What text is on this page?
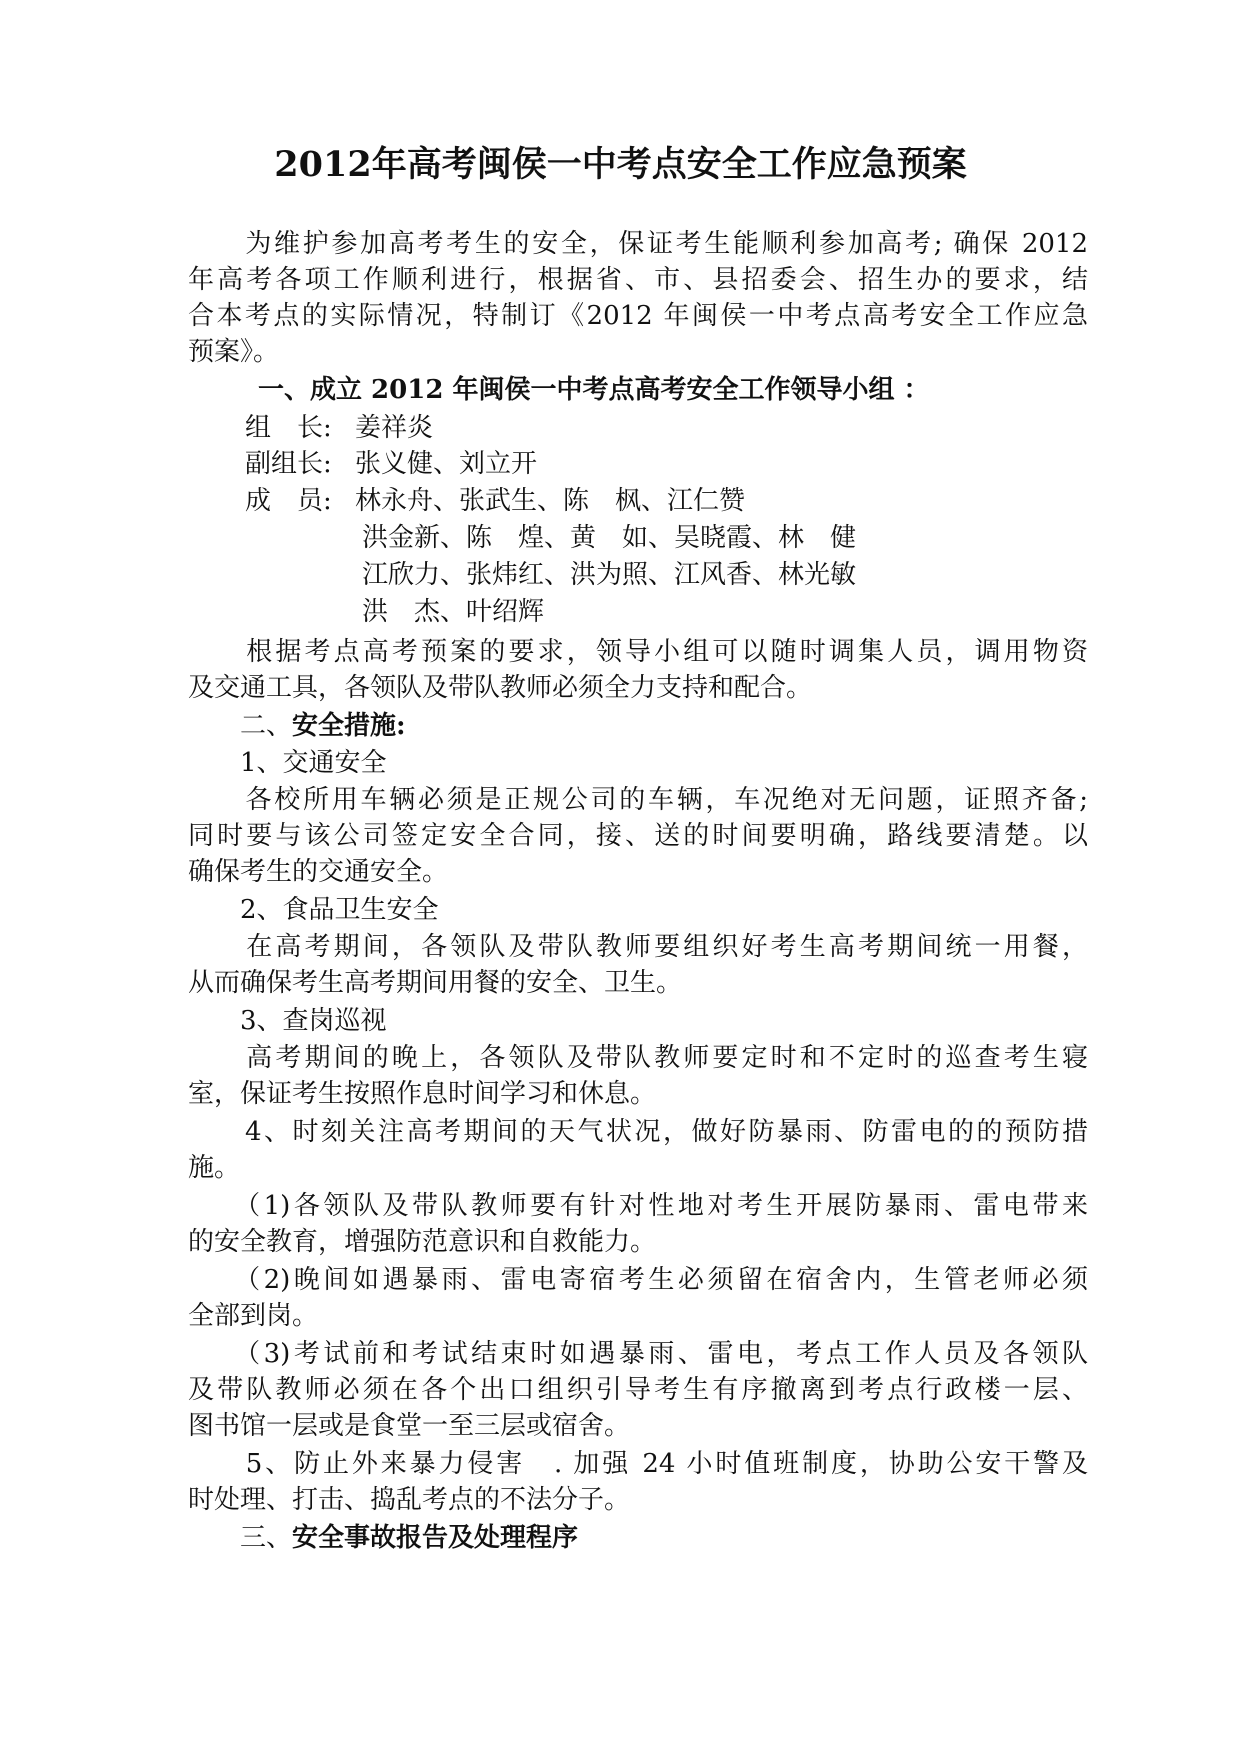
2012年高考闽侯一中考点安全工作应急预案
　　为维护参加高考考生的安全，保证考生能顺利参加高考; 确保 2012
年高考各项工作顺利进行，根据省、市、县招委会、招生办的要求，结
合本考点的实际情况，特制订《2012 年闽侯一中考点高考安全工作应急
预案》。
一、成立 2012 年闽侯一中考点高考安全工作领导小组 ：
组　长: 姜祥炎
副组长: 张义健、刘立开
成　员: 林永舟、张武生、陈　枫、江仁赞
洪金新、陈　煌、黄　如、吴晓霞、林　健
江欣力、张炜红、洪为照、江风香、林光敏
洪　杰、叶绍辉
　　根据考点高考预案的要求，领导小组可以随时调集人员，调用物资
及交通工具，各领队及带队教师必须全力支持和配合。
　　二、安全措施:
　　1、交通安全
　　各校所用车辆必须是正规公司的车辆，车况绝对无问题，证照齐备;
同时要与该公司签定安全合同，接、送的时间要明确，路线要清楚。以
确保考生的交通安全。
　　2、食品卫生安全
　　在高考期间，各领队及带队教师要组织好考生高考期间统一用餐，
从而确保考生高考期间用餐的安全、卫生。
　　3、查岗巡视
　　高考期间的晚上，各领队及带队教师要定时和不定时的巡查考生寝
室，保证考生按照作息时间学习和休息。
　　4、时刻关注高考期间的天气状况，做好防暴雨、防雷电的的预防措
施。
　　（1)各领队及带队教师要有针对性地对考生开展防暴雨、雷电带来
的安全教育，增强防范意识和自救能力。
　　（2)晚间如遇暴雨、雷电寄宿考生必须留在宿舍内，生管老师必须
全部到岗。
　　（3)考试前和考试结束时如遇暴雨、雷电，考点工作人员及各领队
及带队教师必须在各个出口组织引导考生有序撤离到考点行政楼一层、
图书馆一层或是食堂一至三层或宿舍。
　　5、防止外来暴力侵害　. 加强 24 小时值班制度，协助公安干警及
时处理、打击、捣乱考点的不法分子。
　　三、安全事故报告及处理程序
